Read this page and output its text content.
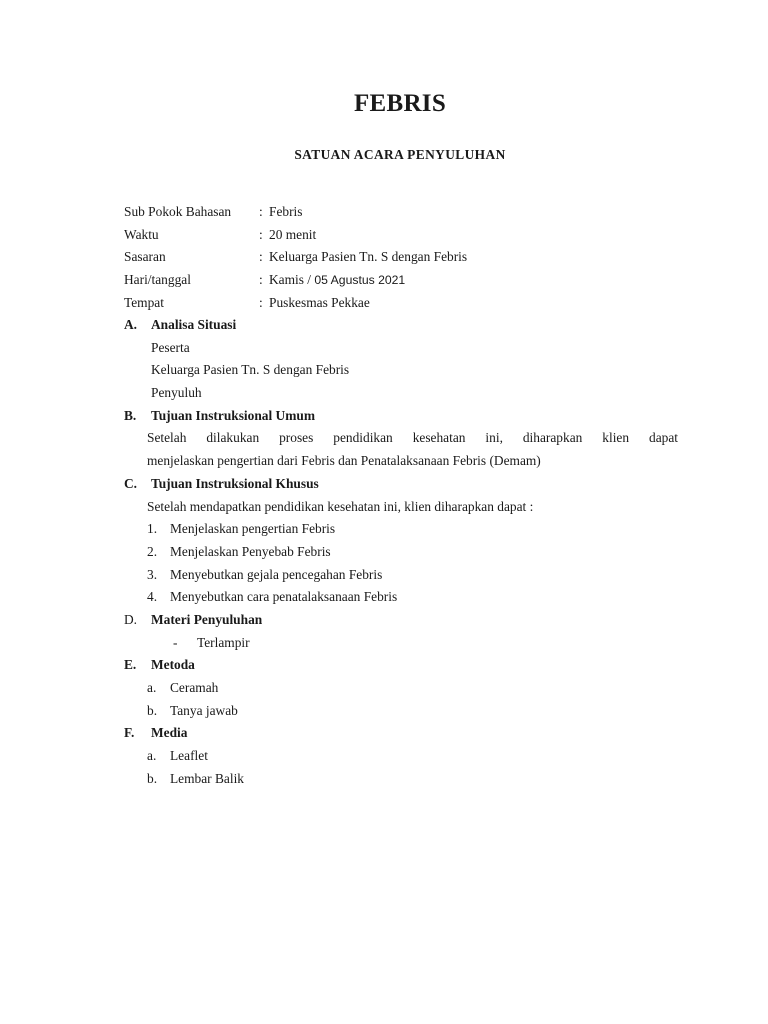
FEBRIS
SATUAN ACARA PENYULUHAN
Sub Pokok Bahasan	: Febris
Waktu	: 20 menit
Sasaran	: Keluarga Pasien Tn. S dengan Febris
Hari/tanggal	: Kamis / 05 Agustus 2021
Tempat	: Puskesmas Pekkae
A.	Analisa Situasi
Peserta
Keluarga Pasien Tn. S dengan Febris
Penyuluh
B.	Tujuan Instruksional Umum
Setelah dilakukan proses pendidikan kesehatan ini, diharapkan klien dapat
menjelaskan pengertian dari Febris dan Penatalaksanaan Febris (Demam)
C.	Tujuan Instruksional Khusus
Setelah mendapatkan pendidikan kesehatan ini, klien diharapkan dapat :
1. Menjelaskan pengertian Febris
2. Menjelaskan Penyebab Febris
3. Menyebutkan gejala pencegahan Febris
4. Menyebutkan cara penatalaksanaan Febris
D.	Materi Penyuluhan
-	Terlampir
E.	Metoda
a.	Ceramah
b. Tanya jawab
F.	Media
a.	Leaflet
b. Lembar Balik
